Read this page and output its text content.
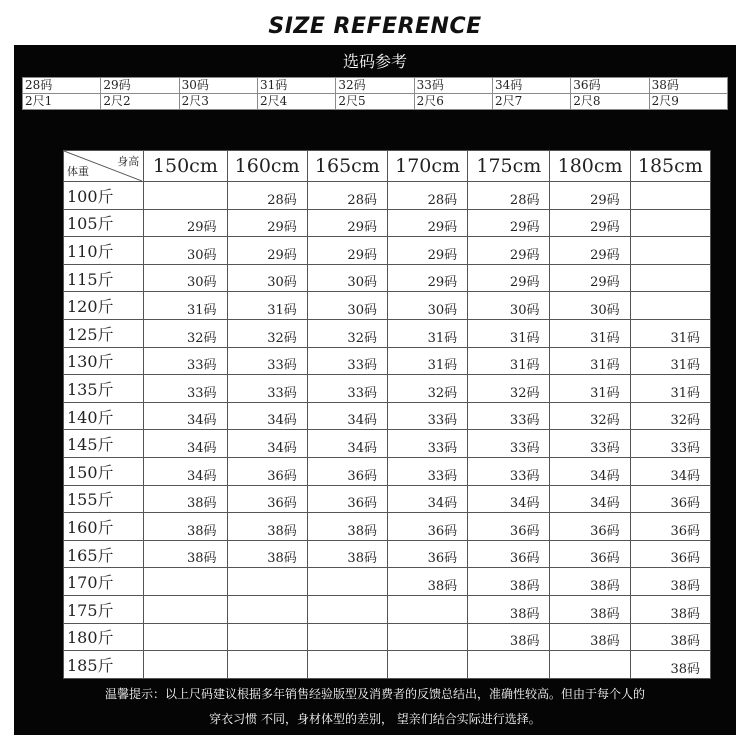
SIZE REFERENCE
选码参考
28码	29码	30码	31码	32码	33码	34码	36码	38码
2尺1	2尺2	2尺3	2尺4	2尺5	2尺6	2尺7	2尺8	2尺9
身高
体重	150cm	160cm	165cm	170cm	175cm	180cm	185cm
100斤		28码	28码	28码	28码	29码	
105斤	29码	29码	29码	29码	29码	29码	
110斤	30码	29码	29码	29码	29码	29码	
115斤	30码	30码	30码	29码	29码	29码	
120斤	31码	31码	30码	30码	30码	30码	
125斤	32码	32码	32码	31码	31码	31码	31码
130斤	33码	33码	33码	31码	31码	31码	31码
135斤	33码	33码	33码	32码	32码	31码	31码
140斤	34码	34码	34码	33码	33码	32码	32码
145斤	34码	34码	34码	33码	33码	33码	33码
150斤	34码	36码	36码	33码	33码	34码	34码
155斤	38码	36码	36码	34码	34码	34码	36码
160斤	38码	38码	38码	36码	36码	36码	36码
165斤	38码	38码	38码	36码	36码	36码	36码
170斤				38码	38码	38码	38码
175斤					38码	38码	38码
180斤					38码	38码	38码
185斤							38码
温馨提示：以上尺码建议根据多年销售经验版型及消费者的反馈总结出，准确性较高。但由于每个人的
穿衣习惯 不同，身材体型的差别， 望亲们结合实际进行选择。
